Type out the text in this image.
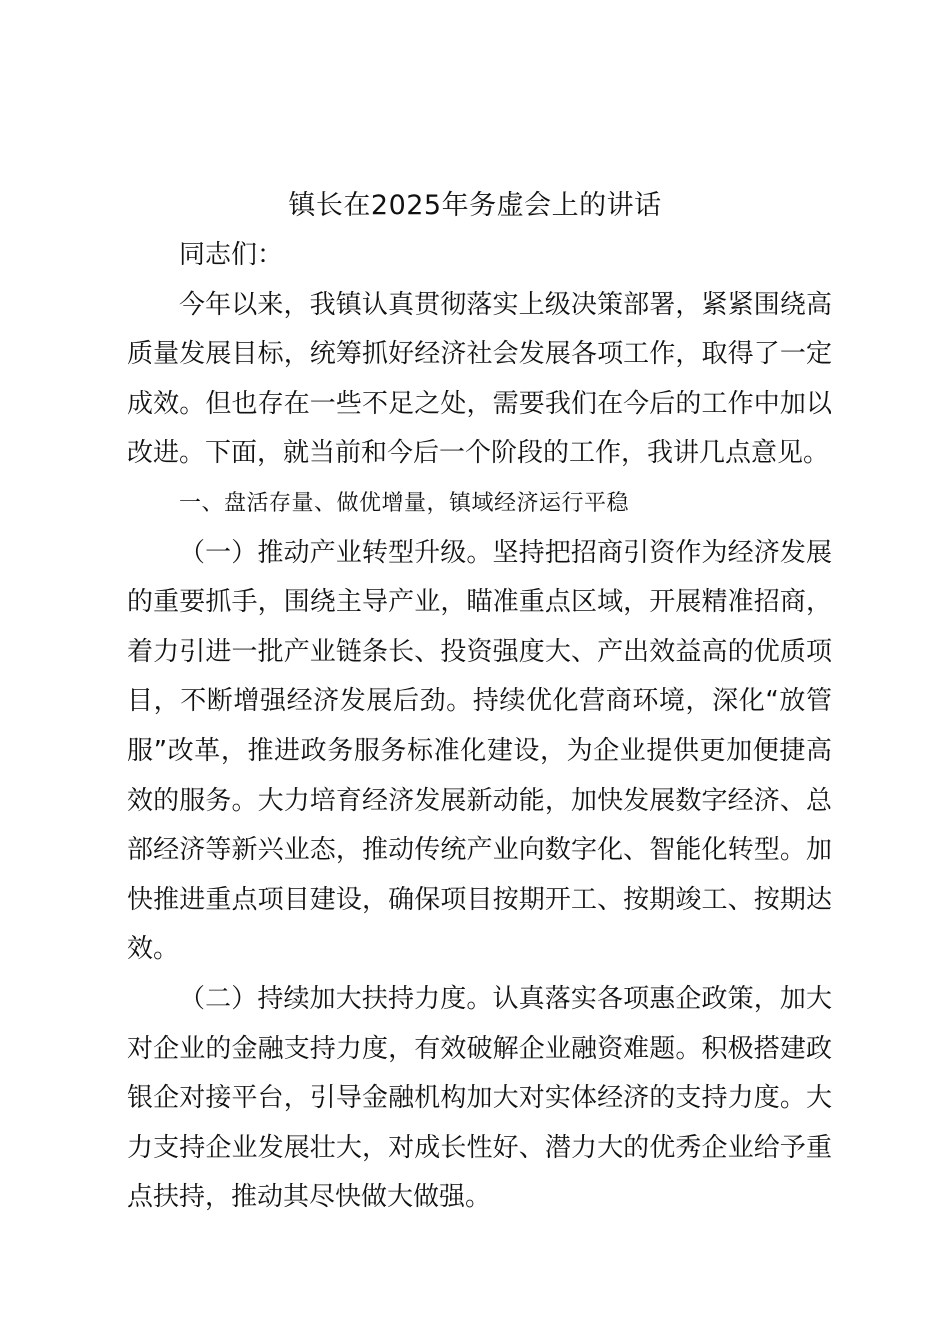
镇长在2025年务虚会上的讲话

同志们：

今年以来，我镇认真贯彻落实上级决策部署，紧紧围绕高质量发展目标，统筹抓好经济社会发展各项工作，取得了一定成效。但也存在一些不足之处，需要我们在今后的工作中加以改进。下面，就当前和今后一个阶段的工作，我讲几点意见。

一、盘活存量、做优增量，镇域经济运行平稳

（一）推动产业转型升级。坚持把招商引资作为经济发展的重要抓手，围绕主导产业，瞄准重点区域，开展精准招商，着力引进一批产业链条长、投资强度大、产出效益高的优质项目，不断增强经济发展后劲。持续优化营商环境，深化“放管服”改革，推进政务服务标准化建设，为企业提供更加便捷高效的服务。大力培育经济发展新动能，加快发展数字经济、总部经济等新兴业态，推动传统产业向数字化、智能化转型。加快推进重点项目建设，确保项目按期开工、按期竣工、按期达效。

（二）持续加大扶持力度。认真落实各项惠企政策，加大对企业的金融支持力度，有效破解企业融资难题。积极搭建政银企对接平台，引导金融机构加大对实体经济的支持力度。大力支持企业发展壮大，对成长性好、潜力大的优秀企业给予重点扶持，推动其尽快做大做强。
